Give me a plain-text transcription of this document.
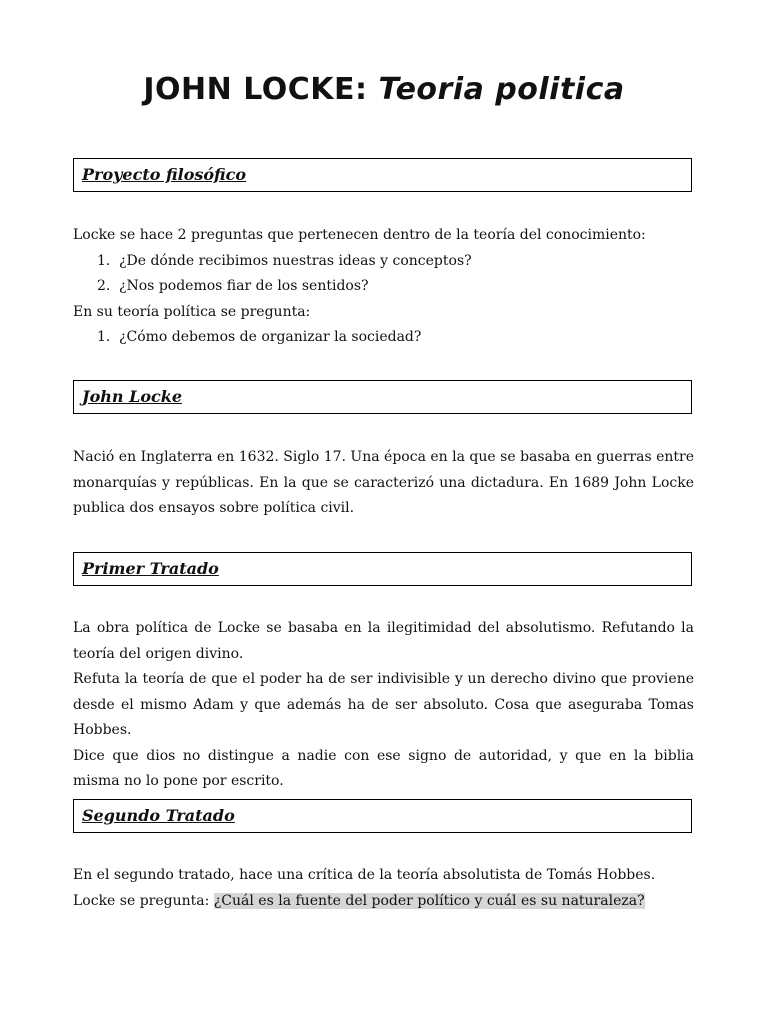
JOHN LOCKE: Teoria politica
Proyecto filosófico
Locke se hace 2 preguntas que pertenecen dentro de la teoría del conocimiento:
1. ¿De dónde recibimos nuestras ideas y conceptos?
2. ¿Nos podemos fiar de los sentidos?
En su teoría política se pregunta:
1. ¿Cómo debemos de organizar la sociedad?
John Locke
Nació en Inglaterra en 1632. Siglo 17. Una época en la que se basaba en guerras entre monarquías y repúblicas. En la que se caracterizó una dictadura. En 1689 John Locke publica dos ensayos sobre política civil.
Primer Tratado
La obra política de Locke se basaba en la ilegitimidad del absolutismo. Refutando la teoría del origen divino.
Refuta la teoría de que el poder ha de ser indivisible y un derecho divino que proviene desde el mismo Adam y que además ha de ser absoluto. Cosa que aseguraba Tomas Hobbes.
Dice que dios no distingue a nadie con ese signo de autoridad, y que en la biblia misma no lo pone por escrito.
Segundo Tratado
En el segundo tratado, hace una crítica de la teoría absolutista de Tomás Hobbes.
Locke se pregunta: ¿Cuál es la fuente del poder político y cuál es su naturaleza?
